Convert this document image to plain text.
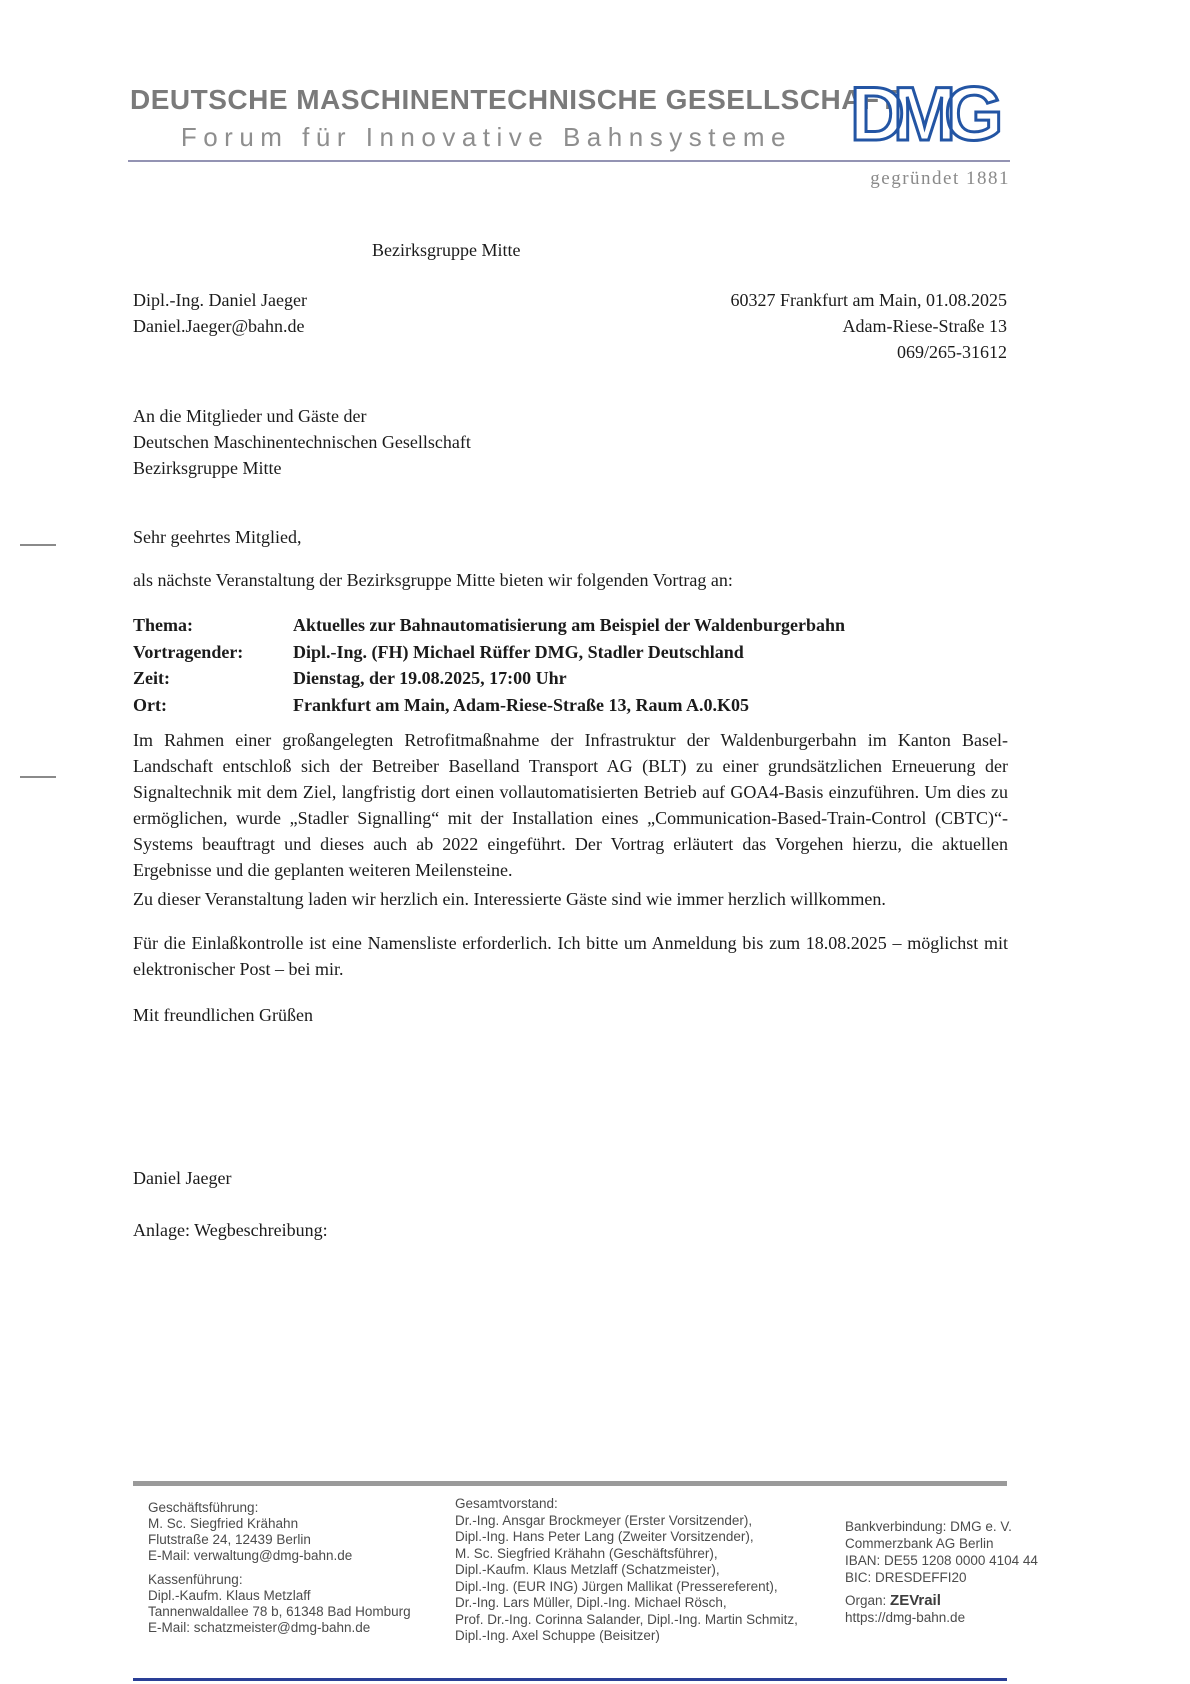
DEUTSCHE MASCHINENTECHNISCHE GESELLSCHAFT
Forum für Innovative Bahnsysteme DMG
gegründet 1881
Bezirksgruppe Mitte
Dipl.-Ing. Daniel Jaeger
Daniel.Jaeger@bahn.de
60327 Frankfurt am Main, 01.08.2025
Adam-Riese-Straße 13
069/265-31612
An die Mitglieder und Gäste der
Deutschen Maschinentechnischen Gesellschaft
Bezirksgruppe Mitte
Sehr geehrtes Mitglied,
als nächste Veranstaltung der Bezirksgruppe Mitte bieten wir folgenden Vortrag an:
Thema:	Aktuelles zur Bahnautomatisierung am Beispiel der Waldenburgerbahn
Vortragender:	Dipl.-Ing. (FH) Michael Rüffer DMG, Stadler Deutschland
Zeit:	Dienstag, der 19.08.2025, 17:00 Uhr
Ort:	Frankfurt am Main, Adam-Riese-Straße 13, Raum A.0.K05
Im Rahmen einer großangelegten Retrofitmaßnahme der Infrastruktur der Waldenburgerbahn im Kanton Basel-Landschaft entschloß sich der Betreiber Baselland Transport AG (BLT) zu einer grundsätzlichen Erneuerung der Signaltechnik mit dem Ziel, langfristig dort einen vollautomatisierten Betrieb auf GOA4-Basis einzuführen. Um dies zu ermöglichen, wurde „Stadler Signalling“ mit der Installation eines „Communication-Based-Train-Control (CBTC)“-Systems beauftragt und dieses auch ab 2022 eingeführt. Der Vortrag erläutert das Vorgehen hierzu, die aktuellen Ergebnisse und die geplanten weiteren Meilensteine.
Zu dieser Veranstaltung laden wir herzlich ein. Interessierte Gäste sind wie immer herzlich willkommen.
Für die Einlaßkontrolle ist eine Namensliste erforderlich. Ich bitte um Anmeldung bis zum 18.08.2025 – möglichst mit elektronischer Post – bei mir.
Mit freundlichen Grüßen
Daniel Jaeger
Anlage: Wegbeschreibung:
Geschäftsführung:
M. Sc. Siegfried Krähahn
Flutstraße 24, 12439 Berlin
E-Mail: verwaltung@dmg-bahn.de
Kassenführung:
Dipl.-Kaufm. Klaus Metzlaff
Tannenwaldallee 78 b, 61348 Bad Homburg
E-Mail: schatzmeister@dmg-bahn.de
Gesamtvorstand:
Dr.-Ing. Ansgar Brockmeyer (Erster Vorsitzender),
Dipl.-Ing. Hans Peter Lang (Zweiter Vorsitzender),
M. Sc. Siegfried Krähahn (Geschäftsführer),
Dipl.-Kaufm. Klaus Metzlaff (Schatzmeister),
Dipl.-Ing. (EUR ING) Jürgen Mallikat (Pressereferent),
Dr.-Ing. Lars Müller, Dipl.-Ing. Michael Rösch,
Prof. Dr.-Ing. Corinna Salander, Dipl.-Ing. Martin Schmitz,
Dipl.-Ing. Axel Schuppe (Beisitzer)
Bankverbindung: DMG e. V.
Commerzbank AG Berlin
IBAN: DE55 1208 0000 4104 44
BIC: DRESDEFFI20
Organ: ZEVrail
https://dmg-bahn.de
